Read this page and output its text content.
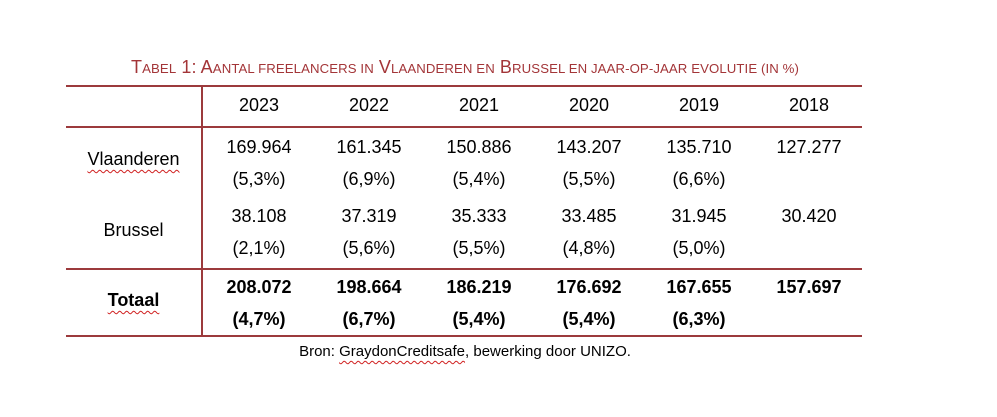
TABEL 1: AANTAL FREELANCERS IN VLAANDEREN EN BRUSSEL EN JAAR-OP-JAAR EVOLUTIE (IN %)
2023	2022	2021	2020	2019	2018
Vlaanderen
169.964	161.345	150.886	143.207	135.710	127.277
(5,3%)	(6,9%)	(5,4%)	(5,5%)	(6,6%)
Brussel
38.108	37.319	35.333	33.485	31.945	30.420
(2,1%)	(5,6%)	(5,5%)	(4,8%)	(5,0%)
Totaal
208.072	198.664	186.219	176.692	167.655	157.697
(4,7%)	(6,7%)	(5,4%)	(5,4%)	(6,3%)
Bron: GraydonCreditsafe, bewerking door UNIZO.
